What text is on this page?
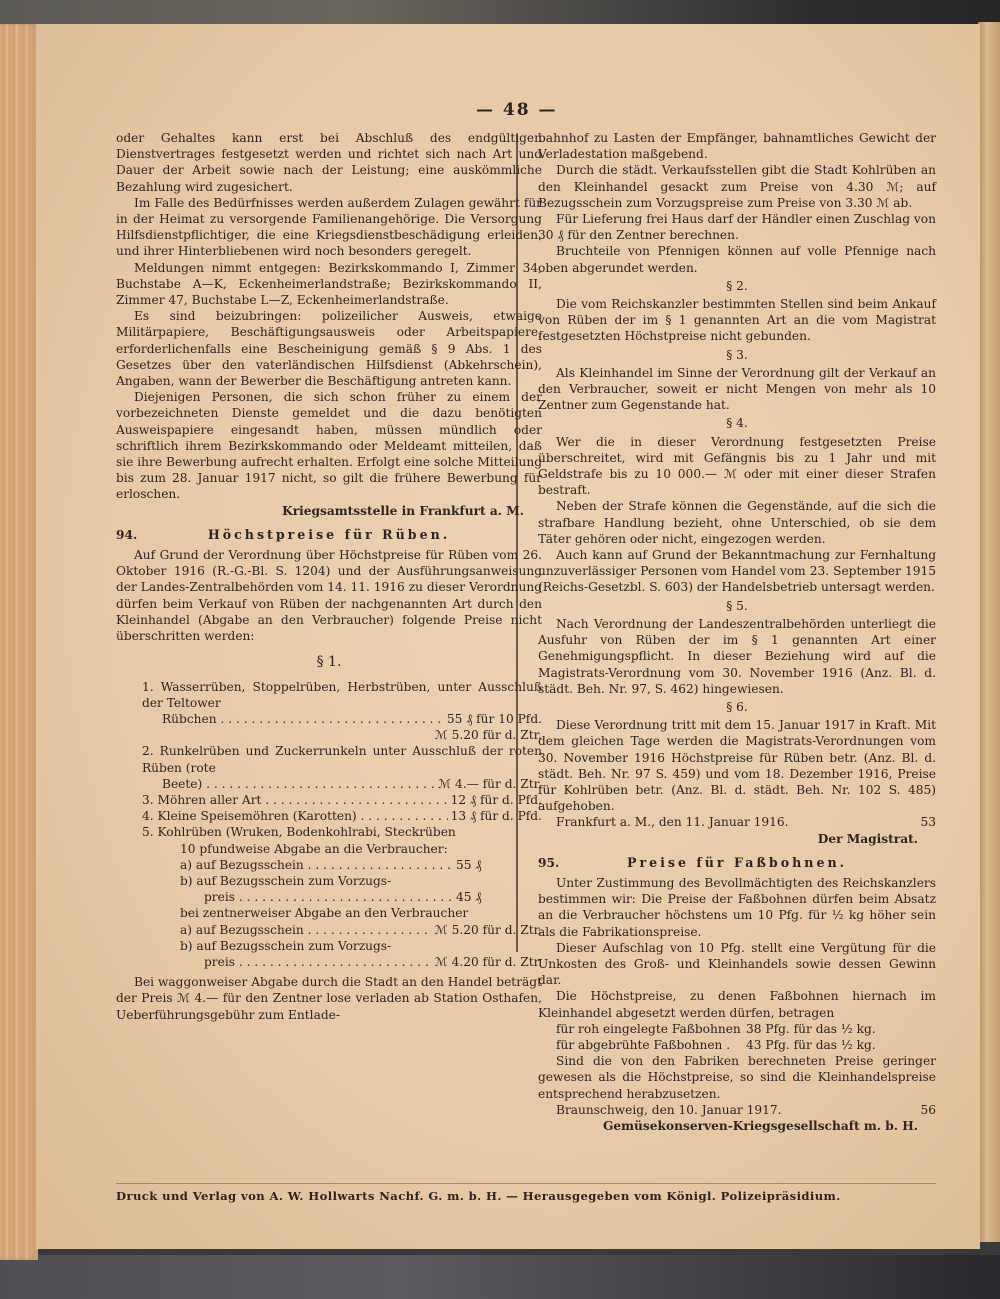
— 48 —

oder Gehaltes kann erst bei Abschluß des endgültigen Dienstvertrages festgesetzt werden und richtet sich nach Art und Dauer der Arbeit sowie nach der Leistung; eine auskömmliche Bezahlung wird zugesichert.

Im Falle des Bedürfnisses werden außerdem Zulagen gewährt für in der Heimat zu versorgende Familienangehörige. Die Versorgung Hilfsdienstpflichtiger, die eine Kriegsdienstbeschädigung erleiden, und ihrer Hinterbliebenen wird noch besonders geregelt.

Meldungen nimmt entgegen: Bezirkskommando I, Zimmer 34, Buchstabe A—K, Eckenheimerlandstraße; Bezirkskommando II, Zimmer 47, Buchstabe L—Z, Eckenheimerlandstraße.

Es sind beizubringen: polizeilicher Ausweis, etwaige Militärpapiere, Beschäftigungsausweis oder Arbeitspapiere, erforderlichenfalls eine Bescheinigung gemäß § 9 Abs. 1 des Gesetzes über den vaterländischen Hilfsdienst (Abkehrschein), Angaben, wann der Bewerber die Beschäftigung antreten kann.

Diejenigen Personen, die sich schon früher zu einem der vorbezeichneten Dienste gemeldet und die dazu benötigten Ausweispapiere eingesandt haben, müssen mündlich oder schriftlich ihrem Bezirkskommando oder Meldeamt mitteilen, daß sie ihre Bewerbung aufrecht erhalten. Erfolgt eine solche Mitteilung bis zum 28. Januar 1917 nicht, so gilt die frühere Bewerbung für erloschen.

Kriegsamtsstelle in Frankfurt a. M.

94.	Höchstpreise für Rüben.

Auf Grund der Verordnung über Höchstpreise für Rüben vom 26. Oktober 1916 (R.-G.-Bl. S. 1204) und der Ausführungsanweisung der Landes-Zentralbehörden vom 14. 11. 1916 zu dieser Verordnung dürfen beim Verkauf von Rüben der nachgenannten Art durch den Kleinhandel (Abgabe an den Verbraucher) folgende Preise nicht überschritten werden:

§ 1.

1. Wasserrüben, Stoppelrüben, Herbstrüben, unter Ausschluß der Teltower

Rübchen . . .	55 ₰ für 10 Pfd.
ℳ 5.20 für d. Ztr.

2. Runkelrüben und Zuckerrunkeln unter Ausschluß der roten Rüben (rote

Beete) . . .	ℳ 4.— für d. Ztr.
3. Möhren aller Art . . .	12 ₰ für d. Pfd.
4. Kleine Speisemöhren (Karotten) . . .	13 ₰ für d. Pfd.

5. Kohlrüben (Wruken, Bodenkohlrabi, Steckrüben

10 pfundweise Abgabe an die Verbraucher:

a) auf Bezugsschein . . .	55 ₰

b) auf Bezugsschein zum Vorzugs-

preis . . .	45 ₰

bei zentnerweiser Abgabe an den Verbraucher

a) auf Bezugsschein . . .	ℳ 5.20 für d. Ztr.

b) auf Bezugsschein zum Vorzugs-

preis . . .	ℳ 4.20 für d. Ztr.

Bei waggonweiser Abgabe durch die Stadt an den Handel beträgt der Preis ℳ 4.— für den Zentner lose verladen ab Station Osthafen, Ueberführungsgebühr zum Entlade-

bahnhof zu Lasten der Empfänger, bahnamtliches Gewicht der Verladestation maßgebend.

Durch die städt. Verkaufsstellen gibt die Stadt Kohlrüben an den Kleinhandel gesackt zum Preise von 4.30 ℳ; auf Bezugsschein zum Vorzugspreise zum Preise von 3.30 ℳ ab.

Für Lieferung frei Haus darf der Händler einen Zuschlag von 30 ₰ für den Zentner berechnen.

Bruchteile von Pfennigen können auf volle Pfennige nach oben abgerundet werden.

§ 2.

Die vom Reichskanzler bestimmten Stellen sind beim Ankauf von Rüben der im § 1 genannten Art an die vom Magistrat festgesetzten Höchstpreise nicht gebunden.

§ 3.

Als Kleinhandel im Sinne der Verordnung gilt der Verkauf an den Verbraucher, soweit er nicht Mengen von mehr als 10 Zentner zum Gegenstande hat.

§ 4.

Wer die in dieser Verordnung festgesetzten Preise überschreitet, wird mit Gefängnis bis zu 1 Jahr und mit Geldstrafe bis zu 10 000.— ℳ oder mit einer dieser Strafen bestraft.

Neben der Strafe können die Gegenstände, auf die sich die strafbare Handlung bezieht, ohne Unterschied, ob sie dem Täter gehören oder nicht, eingezogen werden.

Auch kann auf Grund der Bekanntmachung zur Fernhaltung unzuverlässiger Personen vom Handel vom 23. September 1915 (Reichs-Gesetzbl. S. 603) der Handelsbetrieb untersagt werden.

§ 5.

Nach Verordnung der Landeszentralbehörden unterliegt die Ausfuhr von Rüben der im § 1 genannten Art einer Genehmigungspflicht. In dieser Beziehung wird auf die Magistrats-Verordnung vom 30. November 1916 (Anz. Bl. d. städt. Beh. Nr. 97, S. 462) hingewiesen.

§ 6.

Diese Verordnung tritt mit dem 15. Januar 1917 in Kraft. Mit dem gleichen Tage werden die Magistrats-Verordnungen vom 30. November 1916 Höchstpreise für Rüben betr. (Anz. Bl. d. städt. Beh. Nr. 97 S. 459) und vom 18. Dezember 1916, Preise für Kohlrüben betr. (Anz. Bl. d. städt. Beh. Nr. 102 S. 485) aufgehoben.

Frankfurt a. M., den 11. Januar 1916.	53

Der Magistrat.

95.	Preise für Faßbohnen.

Unter Zustimmung des Bevollmächtigten des Reichskanzlers bestimmen wir: Die Preise der Faßbohnen dürfen beim Absatz an die Verbraucher höchstens um 10 Pfg. für ½ kg höher sein als die Fabrikationspreise.

Dieser Aufschlag von 10 Pfg. stellt eine Vergütung für die Unkosten des Groß- und Kleinhandels sowie dessen Gewinn dar.

Die Höchstpreise, zu denen Faßbohnen hiernach im Kleinhandel abgesetzt werden dürfen, betragen

für roh eingelegte Faßbohnen 38 Pfg. für das ½ kg.
für abgebrühte Faßbohnen .	43 Pfg. für das ½ kg.

Sind die von den Fabriken berechneten Preise geringer gewesen als die Höchstpreise, so sind die Kleinhandelspreise entsprechend herabzusetzen.

Braunschweig, den 10. Januar 1917.	56

Gemüsekonserven-Kriegsgesellschaft m. b. H.

Druck und Verlag von A. W. Hollwarts Nachf. G. m. b. H. — Herausgegeben vom Königl. Polizeipräsidium.
